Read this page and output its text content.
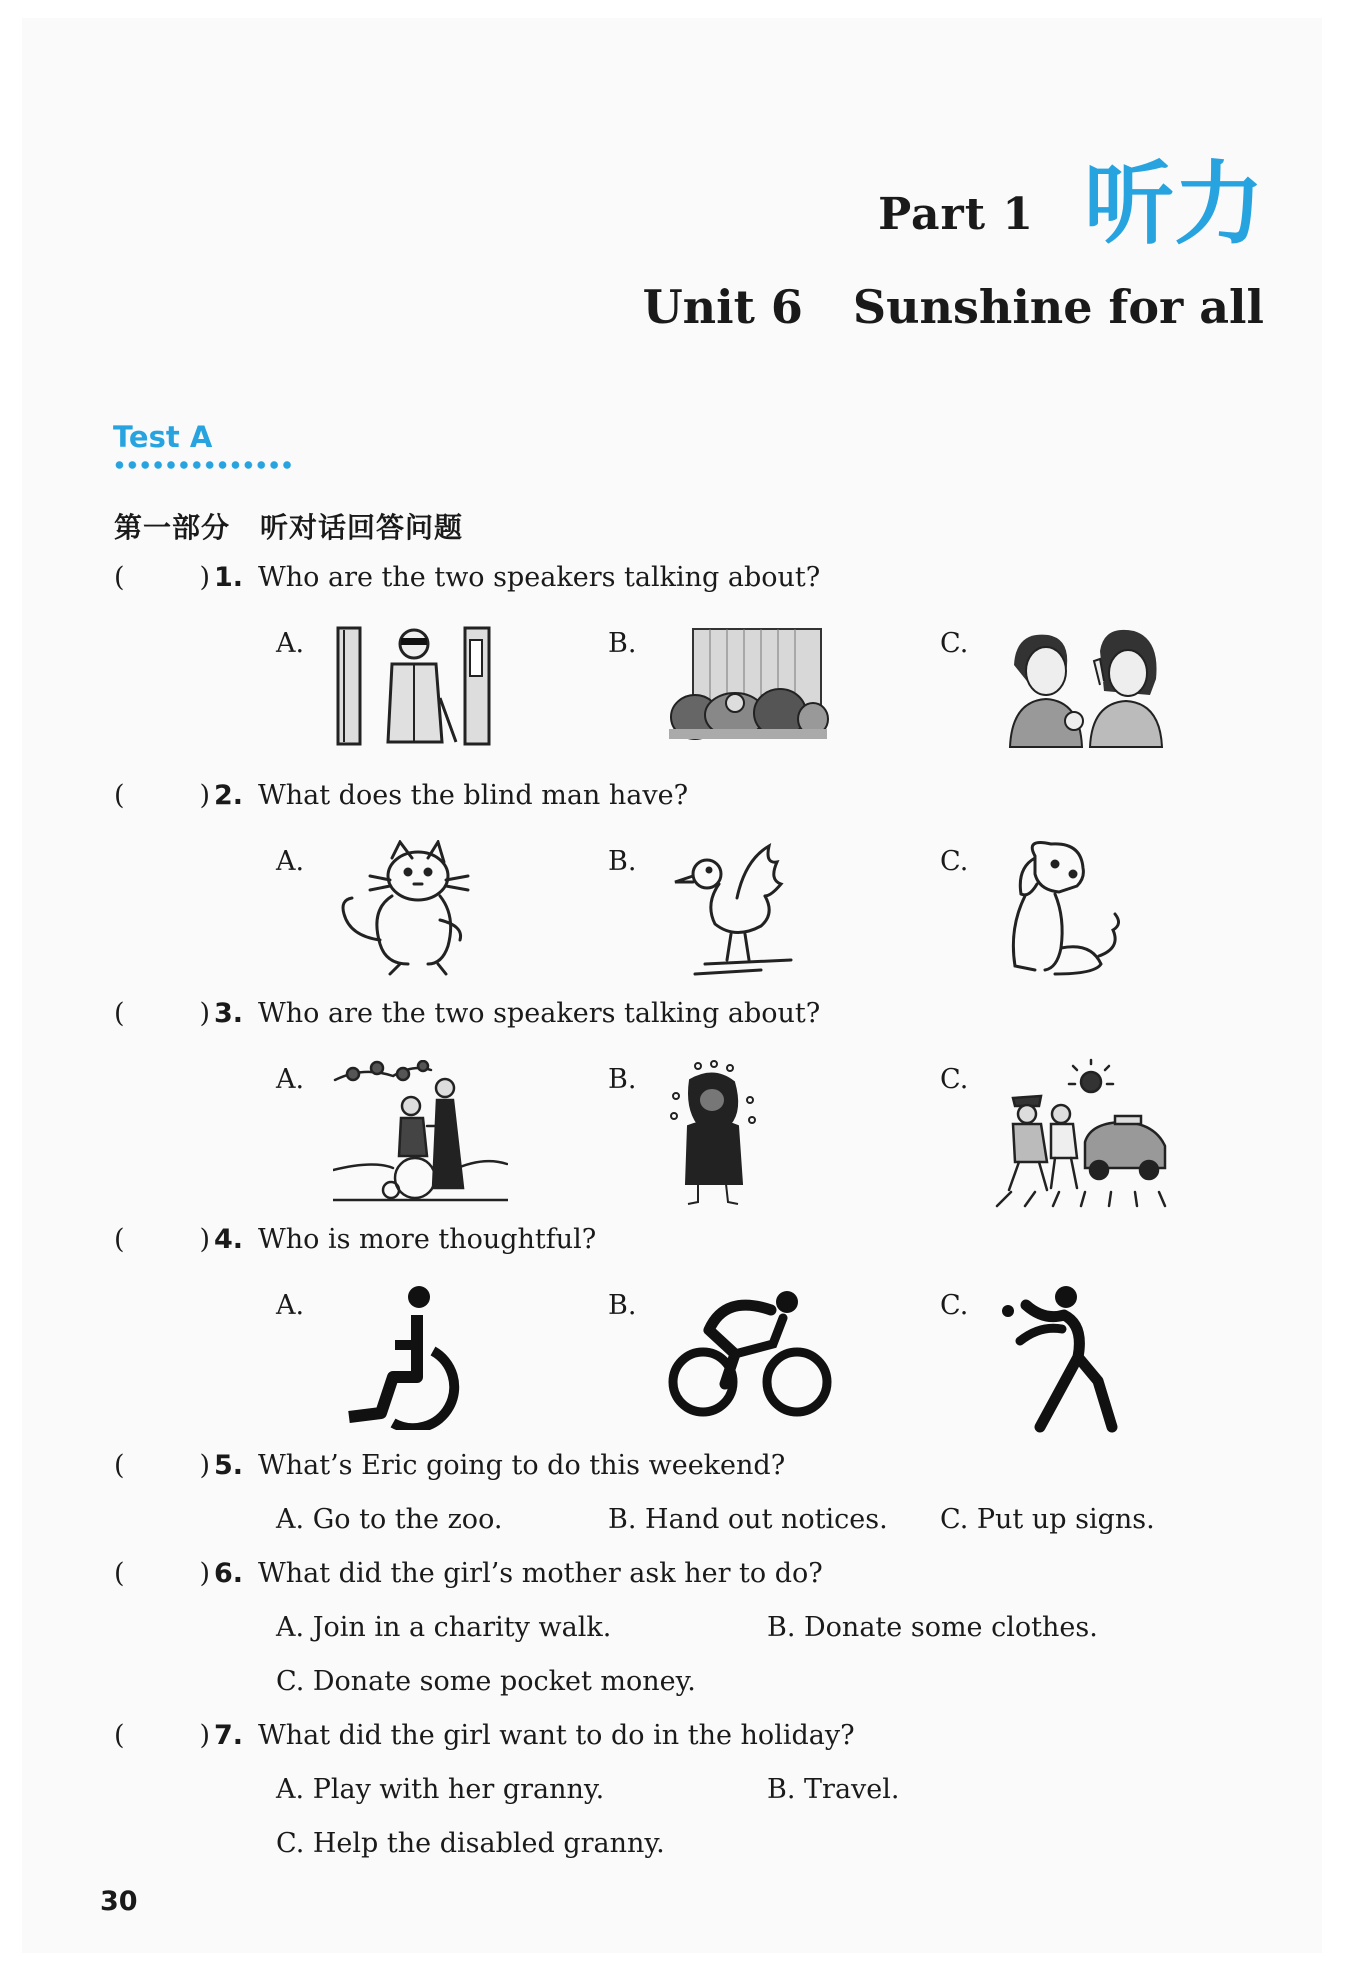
Part 1 听力
Unit 6 Sunshine for all
Test A
第一部分 听对话回答问题
(	) 1. Who are the two speakers talking about?
A.	B.	C.
(	) 2. What does the blind man have?
A.	B.	C.
(	) 3. Who are the two speakers talking about?
A.	B.	C.
(	) 4. Who is more thoughtful?
A.	B.	C.
(	) 5. What’s Eric going to do this weekend?
A. Go to the zoo.	B. Hand out notices. C. Put up signs.
(	) 6. What did the girl’s mother ask her to do?
A. Join in a charity walk.	B. Donate some clothes.
C. Donate some pocket money.
(	) 7. What did the girl want to do in the holiday?
A. Play with her granny.	B. Travel.
C. Help the disabled granny.
30
